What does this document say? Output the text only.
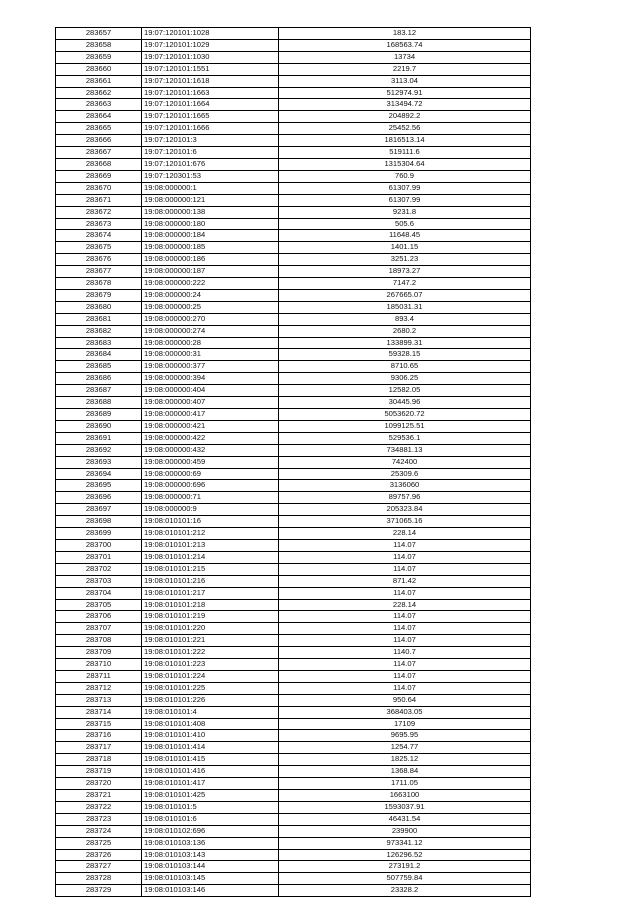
283657	19:07:120101:1028	183.12
283658	19:07:120101:1029	168563.74
283659	19:07:120101:1030	13734
283660	19:07:120101:1551	2219.7
283661	19:07:120101:1618	3113.04
283662	19:07:120101:1663	512974.91
283663	19:07:120101:1664	313494.72
283664	19:07:120101:1665	204892.2
283665	19:07:120101:1666	25452.56
283666	19:07:120101:3	1816513.14
283667	19:07:120101:6	519111.6
283668	19:07:120101:676	1315304.64
283669	19:07:120301:53	760.9
283670	19:08:000000:1	61307.99
283671	19:08:000000:121	61307.99
283672	19:08:000000:138	9231.8
283673	19:08:000000:180	505.6
283674	19:08:000000:184	11648.45
283675	19:08:000000:185	1401.15
283676	19:08:000000:186	3251.23
283677	19:08:000000:187	18973.27
283678	19:08:000000:222	7147.2
283679	19:08:000000:24	267665.07
283680	19:08:000000:25	185031.31
283681	19:08:000000:270	893.4
283682	19:08:000000:274	2680.2
283683	19:08:000000:28	133899.31
283684	19:08:000000:31	59328.15
283685	19:08:000000:377	8710.65
283686	19:08:000000:394	9306.25
283687	19:08:000000:404	12582.05
283688	19:08:000000:407	30445.96
283689	19:08:000000:417	5053620.72
283690	19:08:000000:421	1099125.51
283691	19:08:000000:422	529536.1
283692	19:08:000000:432	734881.13
283693	19:08:000000:459	742400
283694	19:08:000000:69	25309.6
283695	19:08:000000:696	3136060
283696	19:08:000000:71	89757.96
283697	19:08:000000:9	205323.84
283698	19:08:010101:16	371065.16
283699	19:08:010101:212	228.14
283700	19:08:010101:213	114.07
283701	19:08:010101:214	114.07
283702	19:08:010101:215	114.07
283703	19:08:010101:216	871.42
283704	19:08:010101:217	114.07
283705	19:08:010101:218	228.14
283706	19:08:010101:219	114.07
283707	19:08:010101:220	114.07
283708	19:08:010101:221	114.07
283709	19:08:010101:222	1140.7
283710	19:08:010101:223	114.07
283711	19:08:010101:224	114.07
283712	19:08:010101:225	114.07
283713	19:08:010101:226	950.64
283714	19:08:010101:4	368403.05
283715	19:08:010101:408	17109
283716	19:08:010101:410	9695.95
283717	19:08:010101:414	1254.77
283718	19:08:010101:415	1825.12
283719	19:08:010101:416	1368.84
283720	19:08:010101:417	1711.05
283721	19:08:010101:425	1663100
283722	19:08:010101:5	1593037.91
283723	19:08:010101:6	46431.54
283724	19:08:010102:696	239900
283725	19:08:010103:136	973341.12
283726	19:08:010103:143	126296.52
283727	19:08:010103:144	273191.2
283728	19:08:010103:145	507759.84
283729	19:08:010103:146	23328.2
